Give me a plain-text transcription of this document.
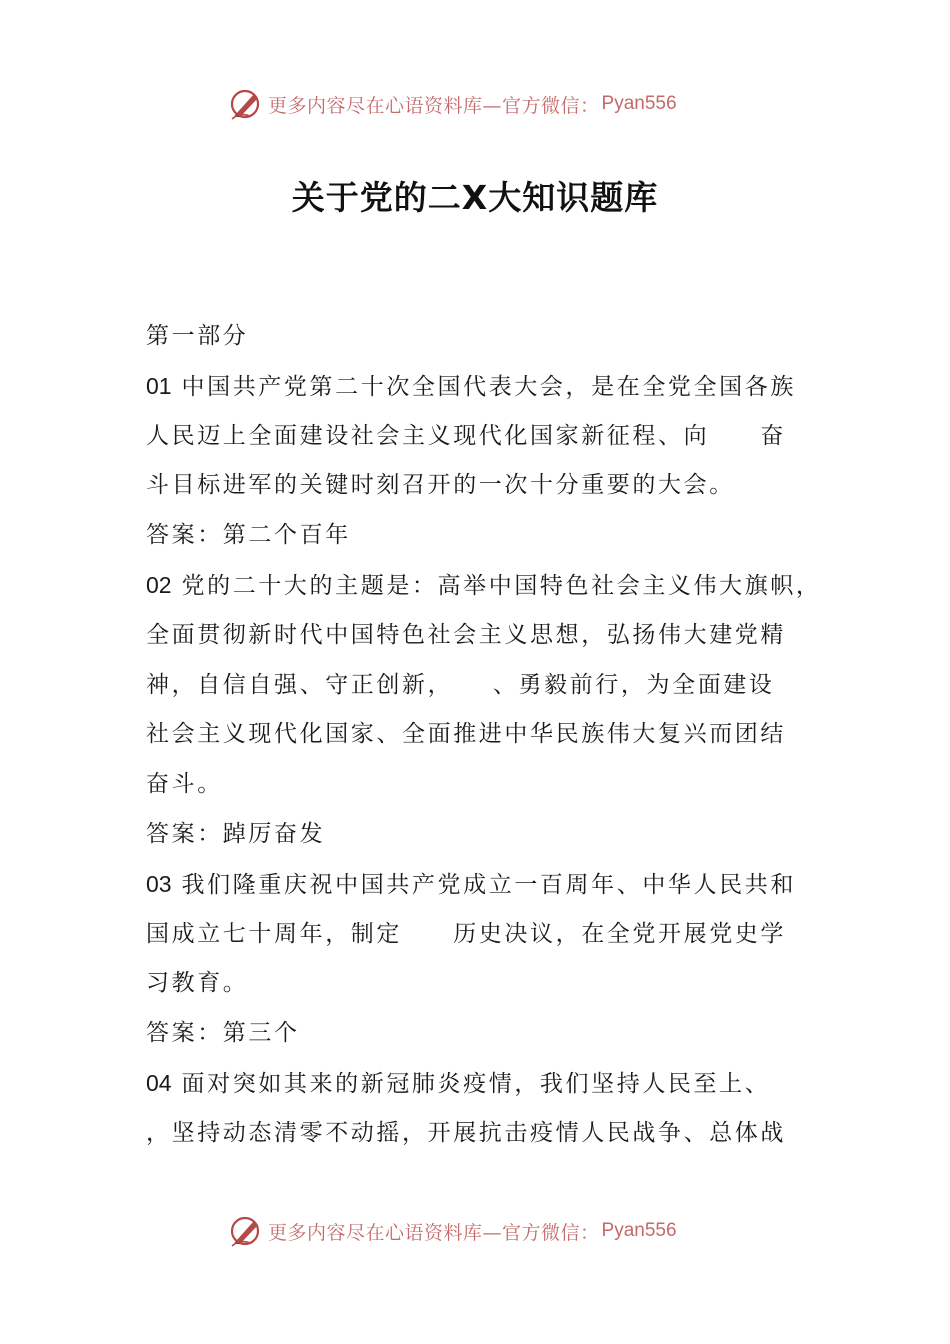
更多内容尽在心语资料库—官方微信： Pyan556
关于党的二X大知识题库
第一部分
01 中国共产党第二十次全国代表大会，是在全党全国各族
人民迈上全面建设社会主义现代化国家新征程、向　　奋
斗目标进军的关键时刻召开的一次十分重要的大会。
答案：第二个百年
02 党的二十大的主题是：高举中国特色社会主义伟大旗帜，
全面贯彻新时代中国特色社会主义思想，弘扬伟大建党精
神，自信自强、守正创新，　　、勇毅前行，为全面建设
社会主义现代化国家、全面推进中华民族伟大复兴而团结
奋斗。
答案：踔厉奋发
03 我们隆重庆祝中国共产党成立一百周年、中华人民共和
国成立七十周年，制定　　历史决议，在全党开展党史学
习教育。
答案：第三个
04 面对突如其来的新冠肺炎疫情，我们坚持人民至上、
，坚持动态清零不动摇，开展抗击疫情人民战争、总体战
更多内容尽在心语资料库—官方微信： Pyan556
